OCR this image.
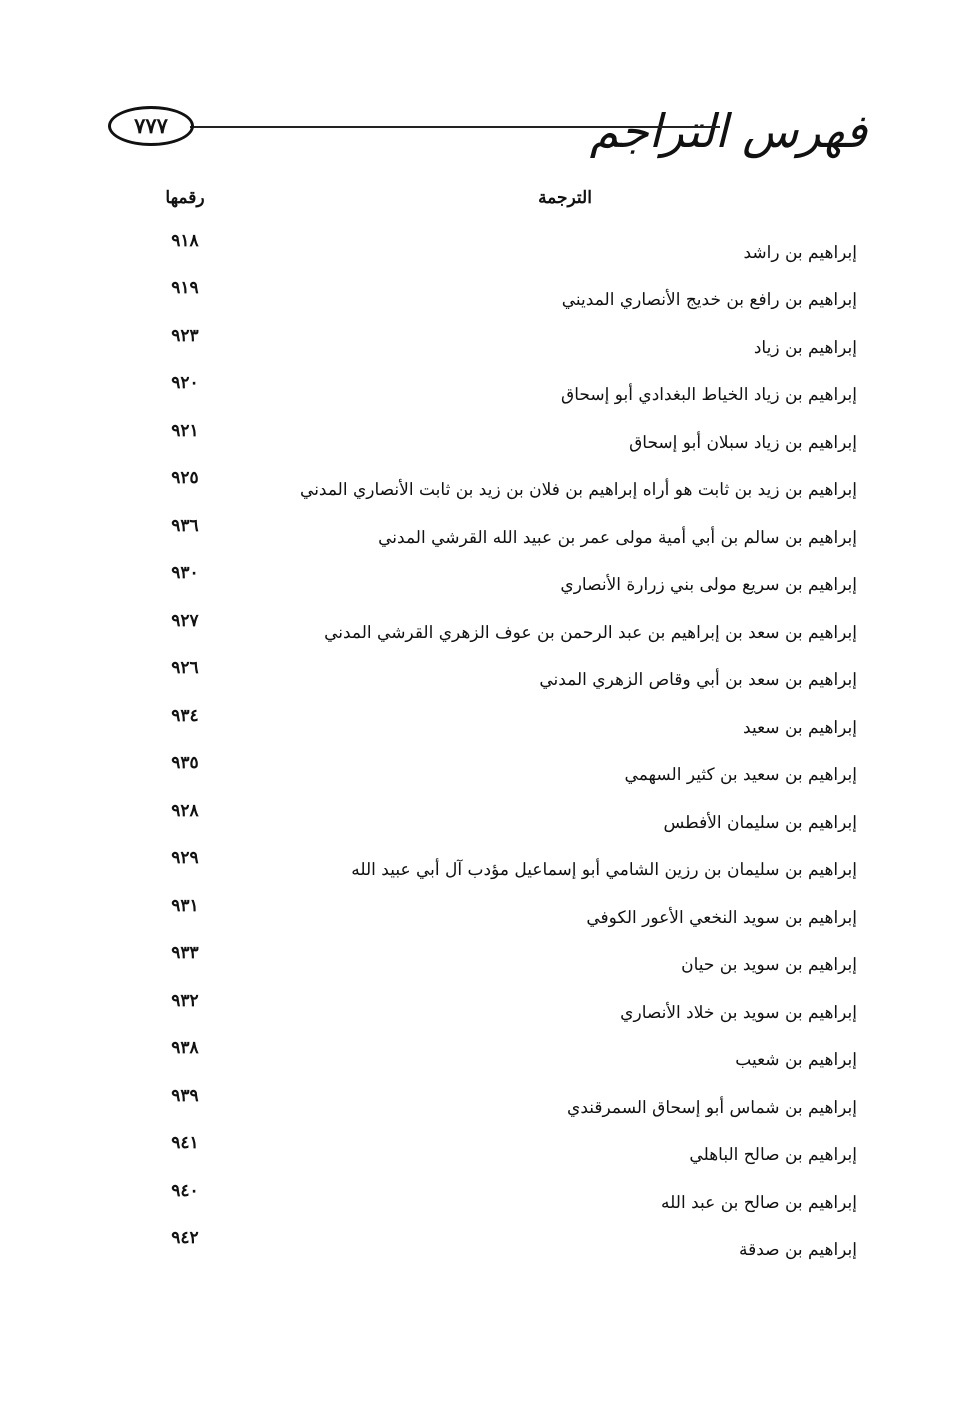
فهرس التراجم
٧٧٧
الترجمة
رقمها
إبراهيم بن راشد
٩١٨
إبراهيم بن رافع بن خديج الأنصاري المديني
٩١٩
إبراهيم بن زياد
٩٢٣
إبراهيم بن زياد الخياط البغدادي أبو إسحاق
٩٢٠
إبراهيم بن زياد سبلان أبو إسحاق
٩٢١
إبراهيم بن زيد بن ثابت هو أراه إبراهيم بن فلان بن زيد بن ثابت الأنصاري المدني
٩٢٥
إبراهيم بن سالم بن أبي أمية مولى عمر بن عبيد الله القرشي المدني
٩٣٦
إبراهيم بن سريع مولى بني زرارة الأنصاري
٩٣٠
إبراهيم بن سعد بن إبراهيم بن عبد الرحمن بن عوف الزهري القرشي المدني
٩٢٧
إبراهيم بن سعد بن أبي وقاص الزهري المدني
٩٢٦
إبراهيم بن سعيد
٩٣٤
إبراهيم بن سعيد بن كثير السهمي
٩٣٥
إبراهيم بن سليمان الأفطس
٩٢٨
إبراهيم بن سليمان بن رزين الشامي أبو إسماعيل مؤدب آل أبي عبيد الله
٩٢٩
إبراهيم بن سويد النخعي الأعور الكوفي
٩٣١
إبراهيم بن سويد بن حيان
٩٣٣
إبراهيم بن سويد بن خلاد الأنصاري
٩٣٢
إبراهيم بن شعيب
٩٣٨
إبراهيم بن شماس أبو إسحاق السمرقندي
٩٣٩
إبراهيم بن صالح الباهلي
٩٤١
إبراهيم بن صالح بن عبد الله
٩٤٠
إبراهيم بن صدقة
٩٤٢
